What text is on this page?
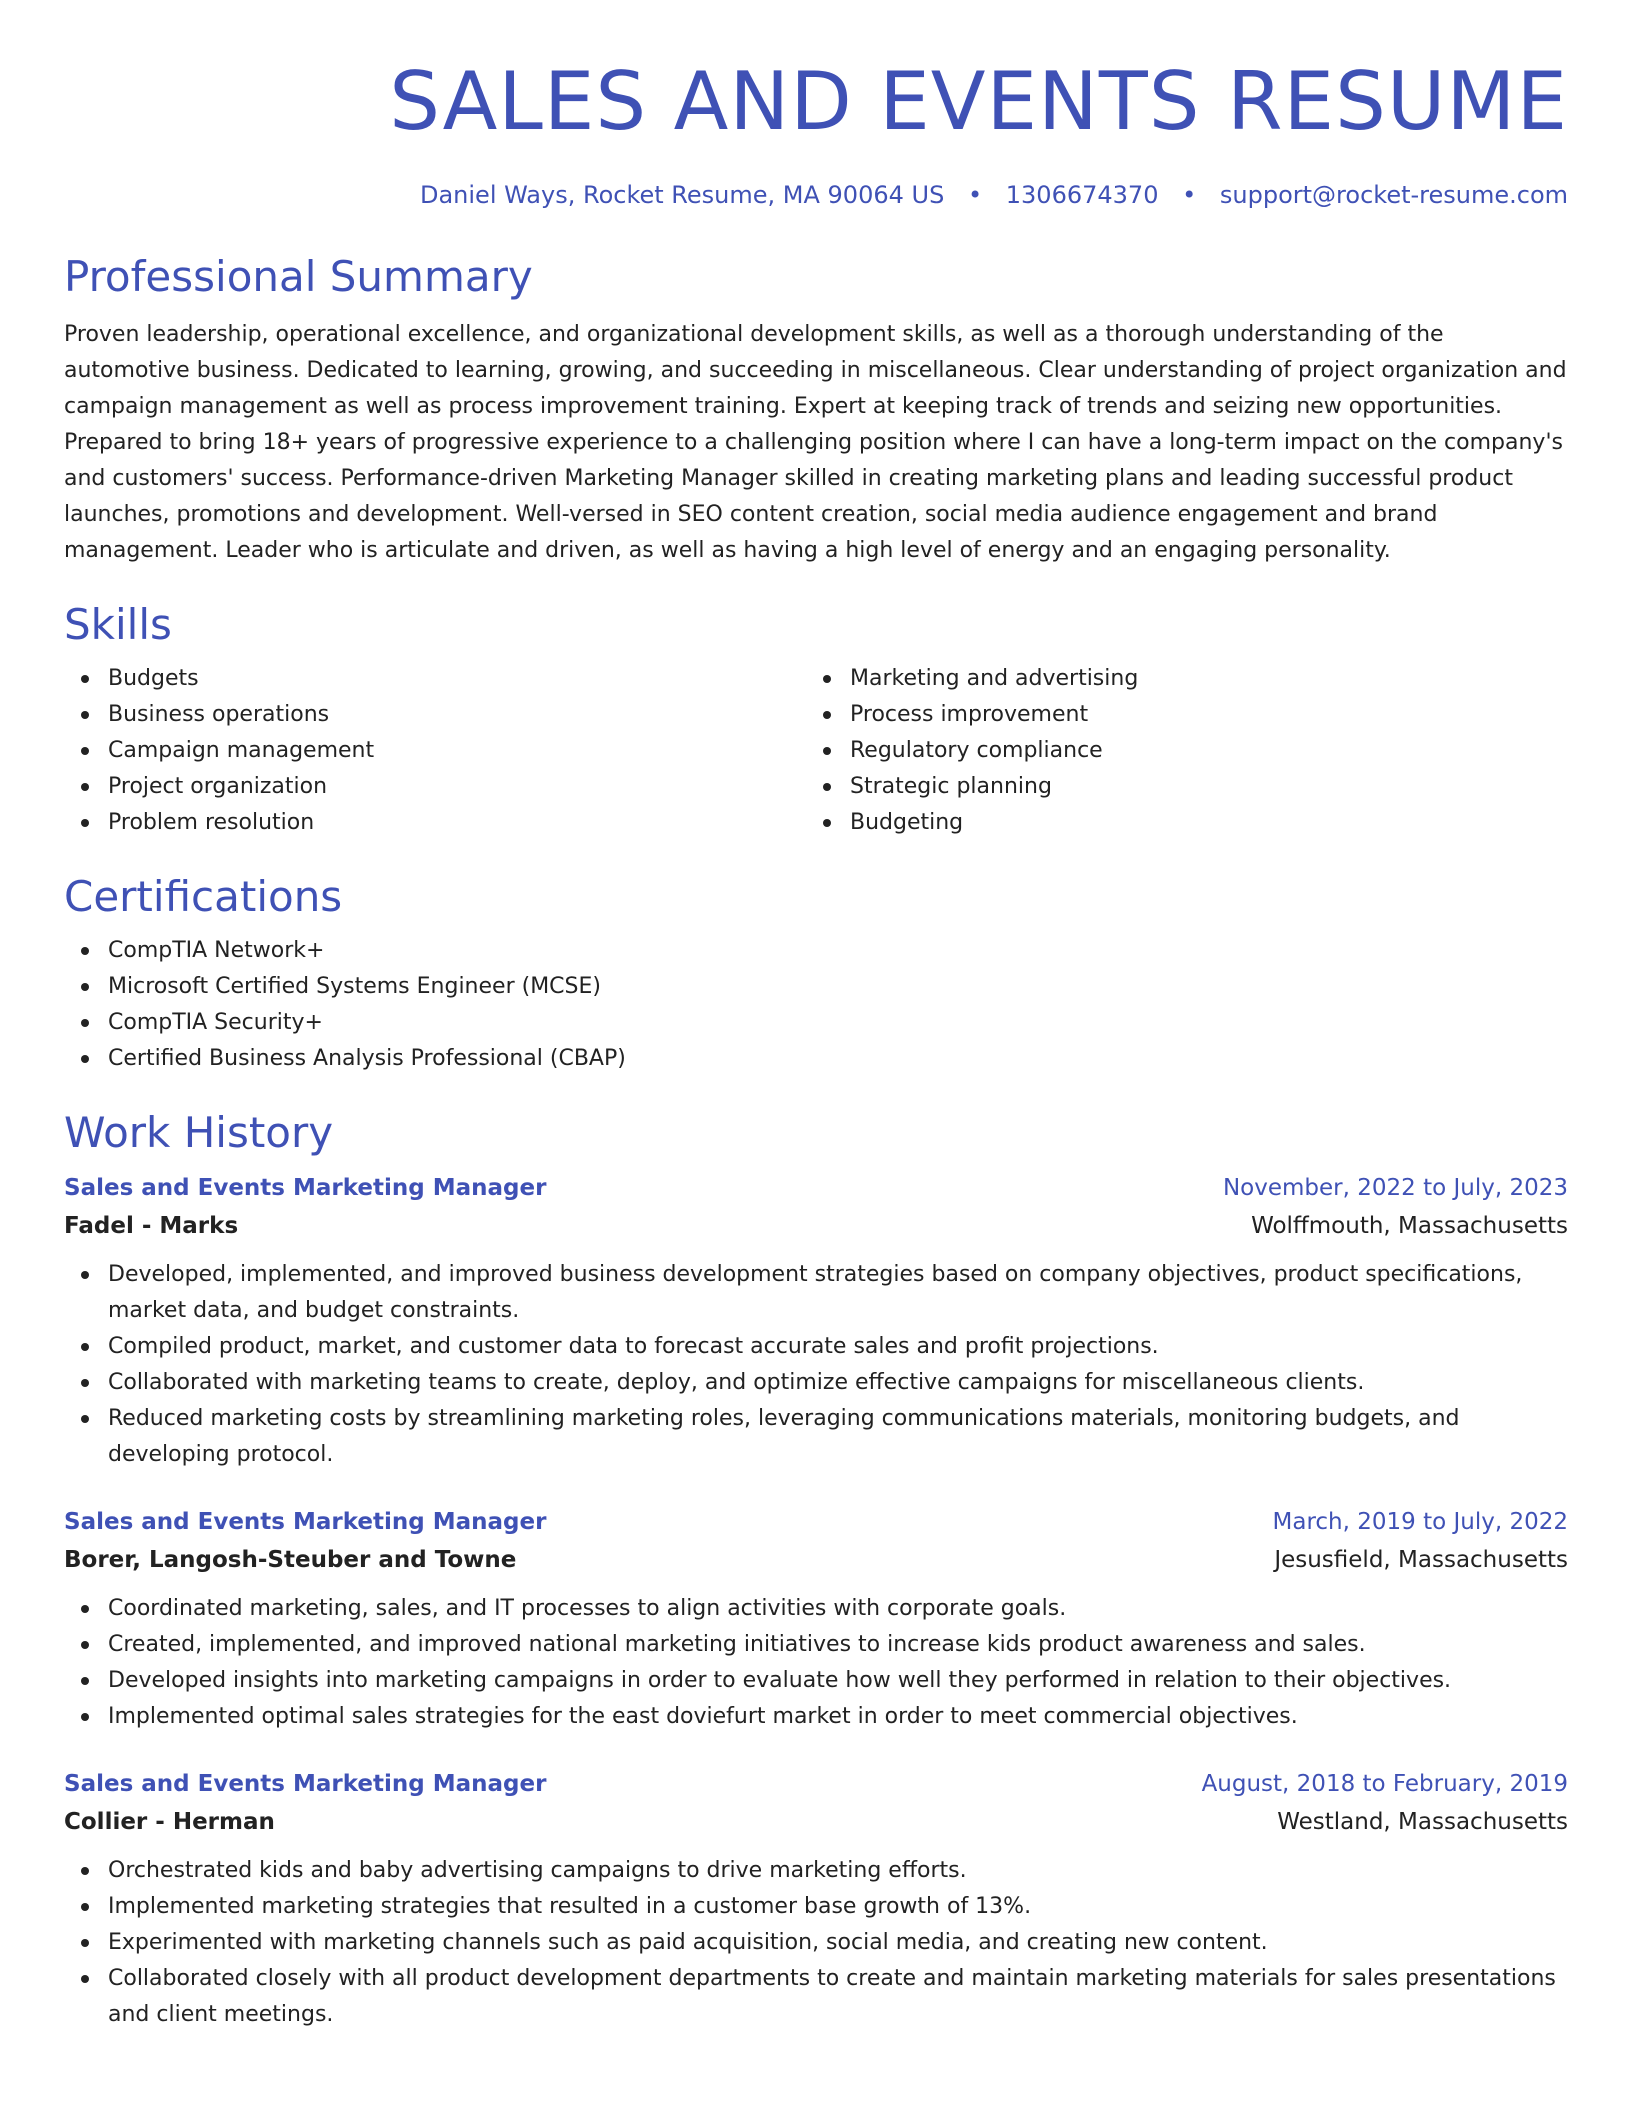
SALES AND EVENTS RESUME
Daniel Ways, Rocket Resume, MA 90064 US • 1306674370 • support@rocket-resume.com
Professional Summary

Proven leadership, operational excellence, and organizational development skills, as well as a thorough understanding of the automotive business. Dedicated to learning, growing, and succeeding in miscellaneous. Clear understanding of project organization and campaign management as well as process improvement training. Expert at keeping track of trends and seizing new opportunities. Prepared to bring 18+ years of progressive experience to a challenging position where I can have a long-term impact on the company's and customers' success. Performance-driven Marketing Manager skilled in creating marketing plans and leading successful product launches, promotions and development. Well-versed in SEO content creation, social media audience engagement and brand management. Leader who is articulate and driven, as well as having a high level of energy and an engaging personality.

Skills
Budgets
Business operations
Campaign management
Project organization
Problem resolution
Marketing and advertising
Process improvement
Regulatory compliance
Strategic planning
Budgeting
Certifications
CompTIA Network+
Microsoft Certified Systems Engineer (MCSE)
CompTIA Security+
Certified Business Analysis Professional (CBAP)
Work History
Sales and Events Marketing Manager	November, 2022 to July, 2023
Fadel - Marks	Wolffmouth, Massachusetts
Developed, implemented, and improved business development strategies based on company objectives, product specifications, market data, and budget constraints.
Compiled product, market, and customer data to forecast accurate sales and profit projections.
Collaborated with marketing teams to create, deploy, and optimize effective campaigns for miscellaneous clients.
Reduced marketing costs by streamlining marketing roles, leveraging communications materials, monitoring budgets, and developing protocol.
Sales and Events Marketing Manager	March, 2019 to July, 2022
Borer, Langosh-Steuber and Towne	Jesusfield, Massachusetts
Coordinated marketing, sales, and IT processes to align activities with corporate goals.
Created, implemented, and improved national marketing initiatives to increase kids product awareness and sales.
Developed insights into marketing campaigns in order to evaluate how well they performed in relation to their objectives.
Implemented optimal sales strategies for the east doviefurt market in order to meet commercial objectives.
Sales and Events Marketing Manager	August, 2018 to February, 2019
Collier - Herman	Westland, Massachusetts
Orchestrated kids and baby advertising campaigns to drive marketing efforts.
Implemented marketing strategies that resulted in a customer base growth of 13%.
Experimented with marketing channels such as paid acquisition, social media, and creating new content.
Collaborated closely with all product development departments to create and maintain marketing materials for sales presentations and client meetings.
